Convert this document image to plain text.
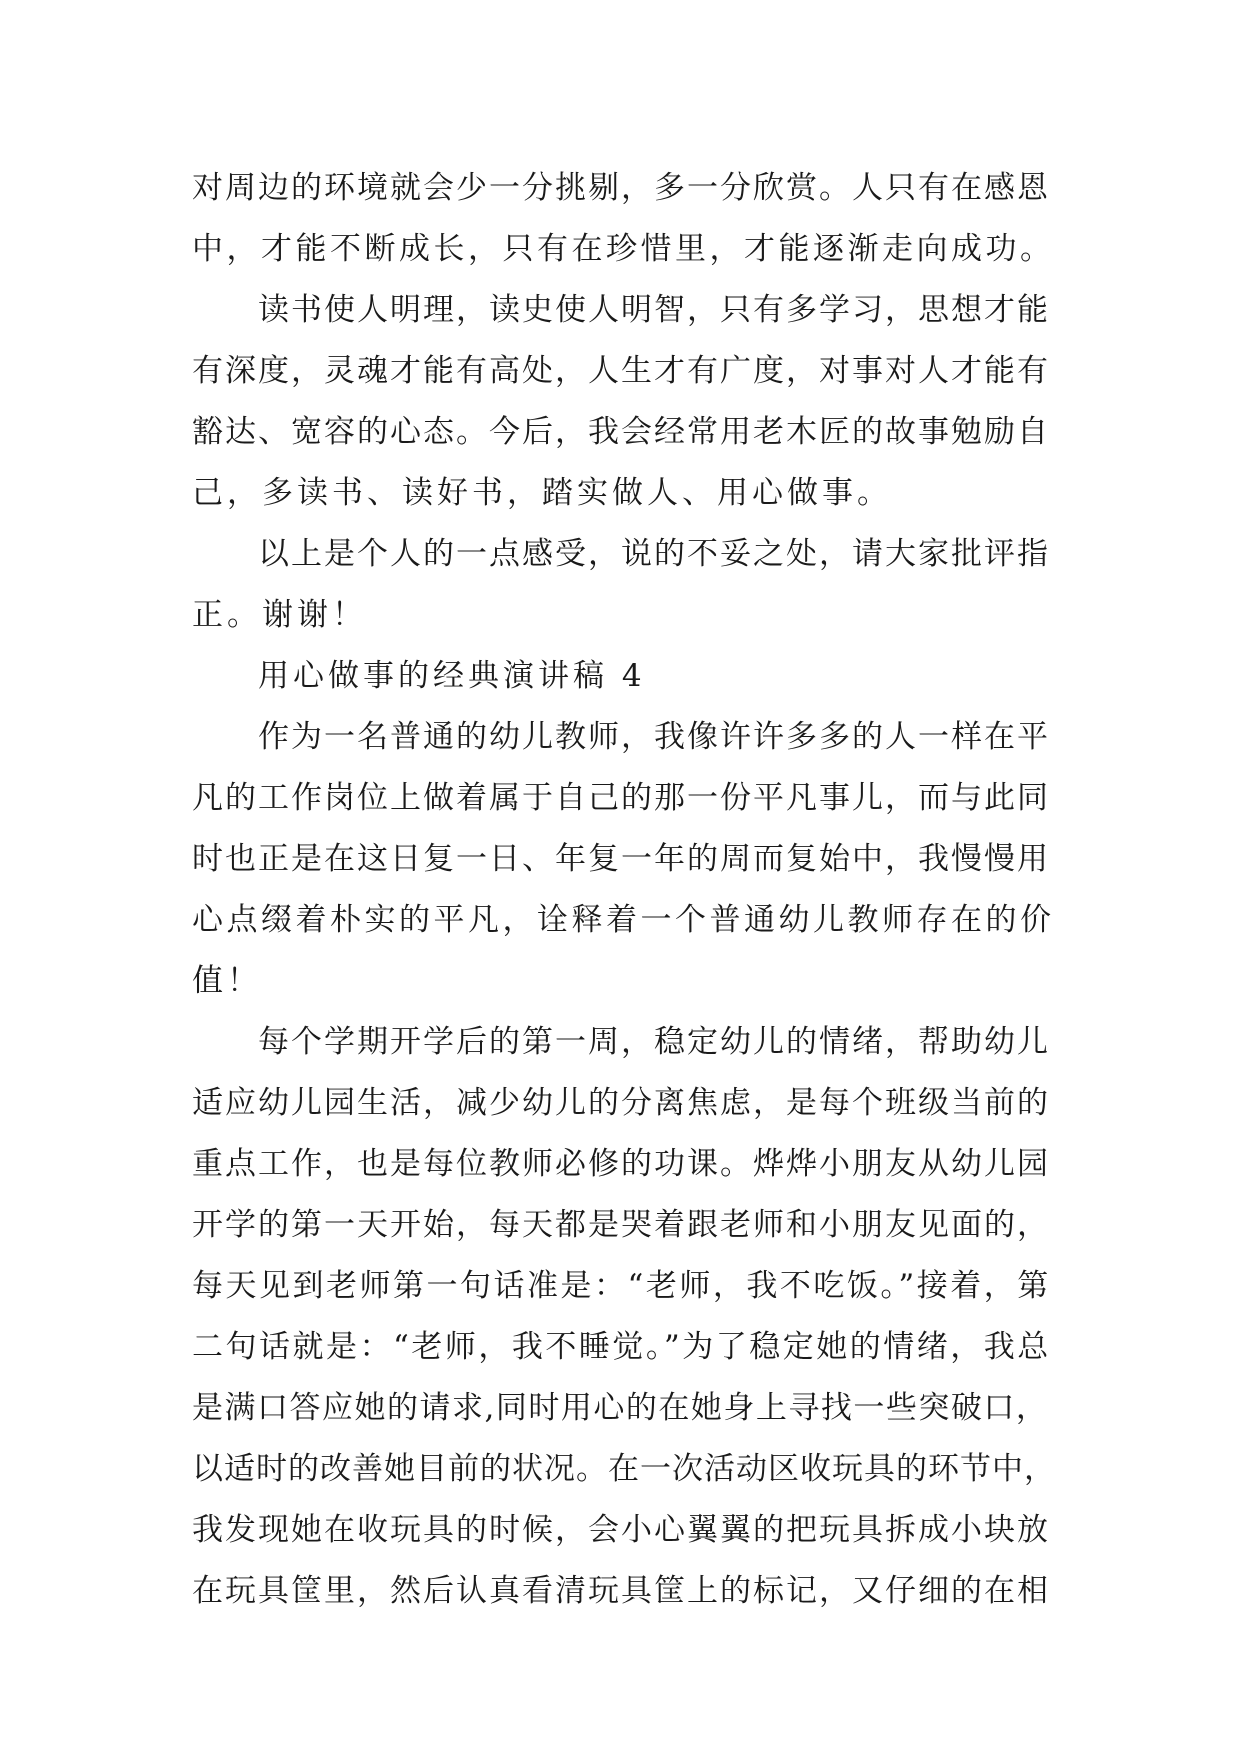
对周边的环境就会少一分挑剔，多一分欣赏。人只有在感恩
中，才能不断成长，只有在珍惜里，才能逐渐走向成功。
读书使人明理，读史使人明智，只有多学习，思想才能
有深度，灵魂才能有高处，人生才有广度，对事对人才能有
豁达、宽容的心态。今后，我会经常用老木匠的故事勉励自
己，多读书、读好书，踏实做人、用心做事。
以上是个人的一点感受，说的不妥之处，请大家批评指
正。谢谢！
用心做事的经典演讲稿 4
作为一名普通的幼儿教师，我像许许多多的人一样在平
凡的工作岗位上做着属于自己的那一份平凡事儿，而与此同
时也正是在这日复一日、年复一年的周而复始中，我慢慢用
心点缀着朴实的平凡，诠释着一个普通幼儿教师存在的价
值！
每个学期开学后的第一周，稳定幼儿的情绪，帮助幼儿
适应幼儿园生活，减少幼儿的分离焦虑，是每个班级当前的
重点工作，也是每位教师必修的功课。烨烨小朋友从幼儿园
开学的第一天开始，每天都是哭着跟老师和小朋友见面的，
每天见到老师第一句话准是：“老师，我不吃饭。”接着，第
二句话就是：“老师，我不睡觉。”为了稳定她的情绪，我总
是满口答应她的请求,同时用心的在她身上寻找一些突破口，
以适时的改善她目前的状况。在一次活动区收玩具的环节中，
我发现她在收玩具的时候，会小心翼翼的把玩具拆成小块放
在玩具筐里，然后认真看清玩具筐上的标记，又仔细的在相
